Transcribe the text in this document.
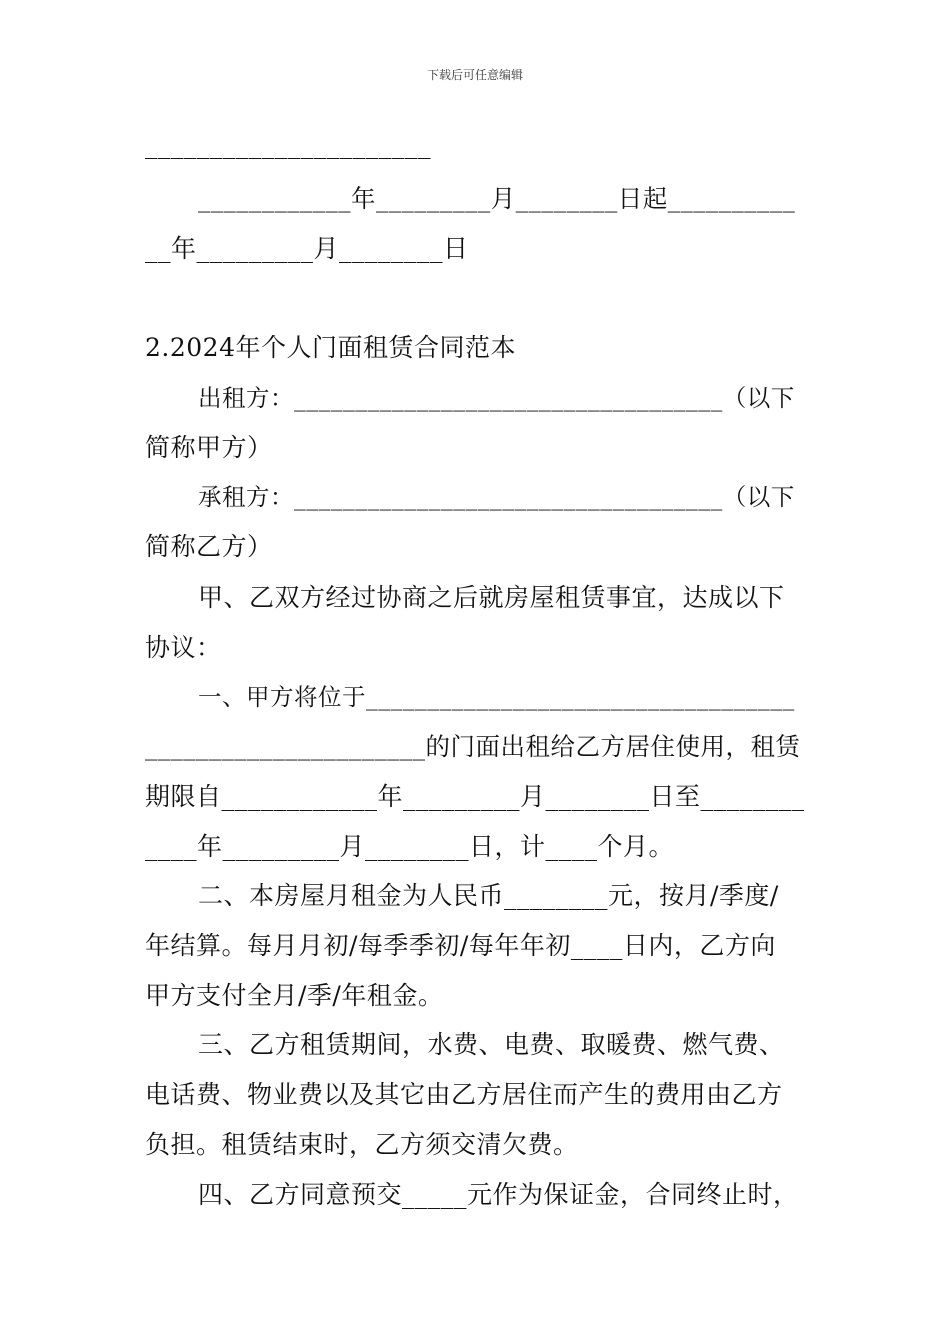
下载后可任意编辑
______________________
____________年_________月________日起__________
__年_________月________日
2.2024年个人门面租赁合同范本
出租方：___________________________________（以下
简称甲方）
承租方：___________________________________（以下
简称乙方）
甲、乙双方经过协商之后就房屋租赁事宜，达成以下
协议：
一、甲方将位于___________________________________
______________________的门面出租给乙方居住使用，租赁
期限自____________年_________月________日至________
____年_________月________日，计____个月。
二、本房屋月租金为人民币________元，按月/季度/
年结算。每月月初/每季季初/每年年初____日内，乙方向
甲方支付全月/季/年租金。
三、乙方租赁期间，水费、电费、取暖费、燃气费、
电话费、物业费以及其它由乙方居住而产生的费用由乙方
负担。租赁结束时，乙方须交清欠费。
四、乙方同意预交_____元作为保证金，合同终止时，
